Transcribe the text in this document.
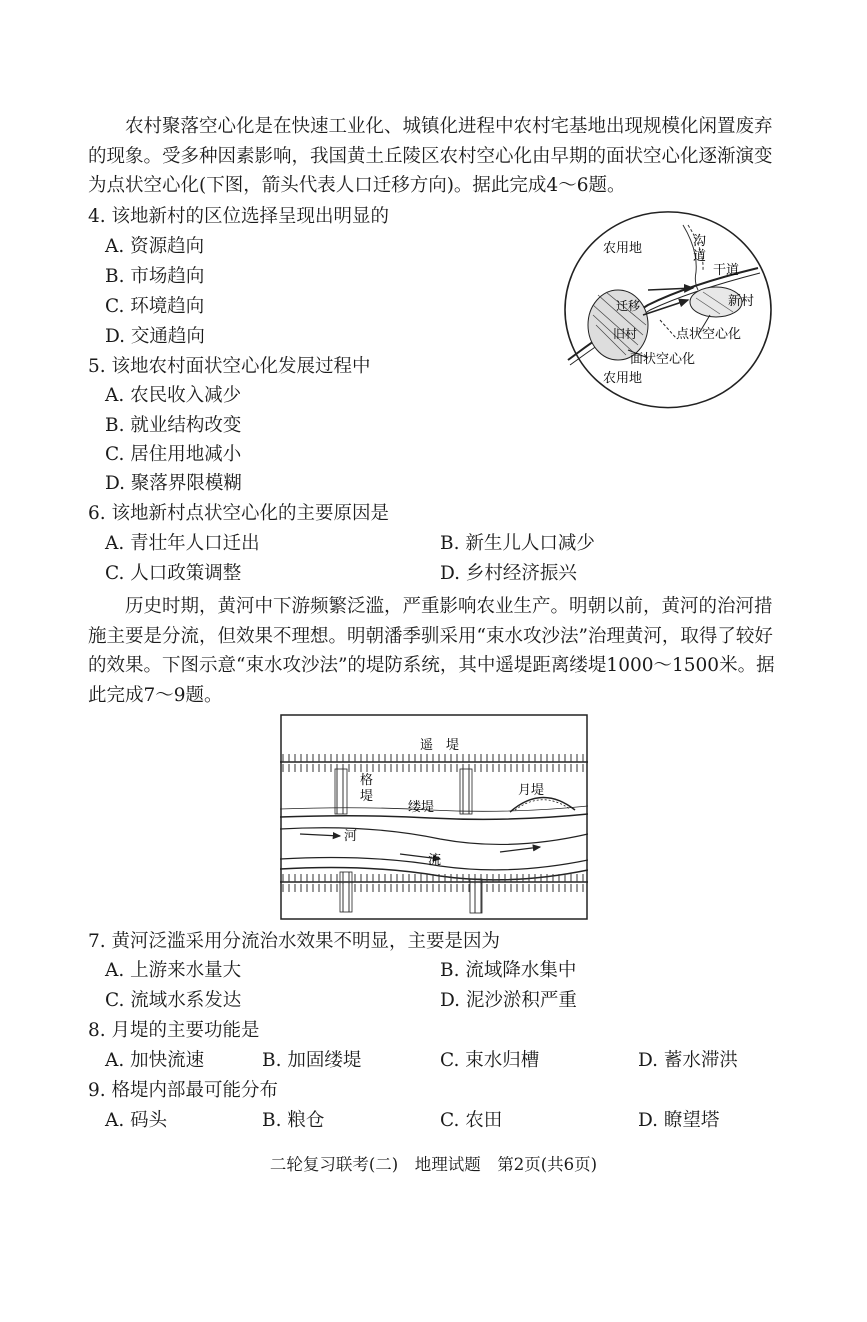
农村聚落空心化是在快速工业化、城镇化进程中农村宅基地出现规模化闲置废弃的现象。受多种因素影响，我国黄土丘陵区农村空心化由早期的面状空心化逐渐演变为点状空心化(下图，箭头代表人口迁移方向)。据此完成4～6题。
4. 该地新村的区位选择呈现出明显的
A. 资源趋向
B. 市场趋向
C. 环境趋向
D. 交通趋向
农用地	沟
道
干道
新村
点状空心化
旧村
迁移
面状空心化
农用地
5. 该地农村面状空心化发展过程中
A. 农民收入减少
B. 就业结构改变
C. 居住用地减小
D. 聚落界限模糊
6. 该地新村点状空心化的主要原因是
A. 青壮年人口迁出	B. 新生儿人口减少
C. 人口政策调整	D. 乡村经济振兴
历史时期，黄河中下游频繁泛滥，严重影响农业生产。明朝以前，黄河的治河措施主要是分流，但效果不理想。明朝潘季驯采用“束水攻沙法”治理黄河，取得了较好的效果。下图示意“束水攻沙法”的堤防系统，其中遥堤距离缕堤1000～1500米。据此完成7～9题。
遥　堤
格
堤
缕堤
月堤
河
流
7. 黄河泛滥采用分流治水效果不明显，主要是因为
A. 上游来水量大	B. 流域降水集中
C. 流域水系发达	D. 泥沙淤积严重
8. 月堤的主要功能是
A. 加快流速	B. 加固缕堤	C. 束水归槽	D. 蓄水滞洪
9. 格堤内部最可能分布
A. 码头	B. 粮仓	C. 农田	D. 瞭望塔
二轮复习联考(二)　地理试题　第2页(共6页)
